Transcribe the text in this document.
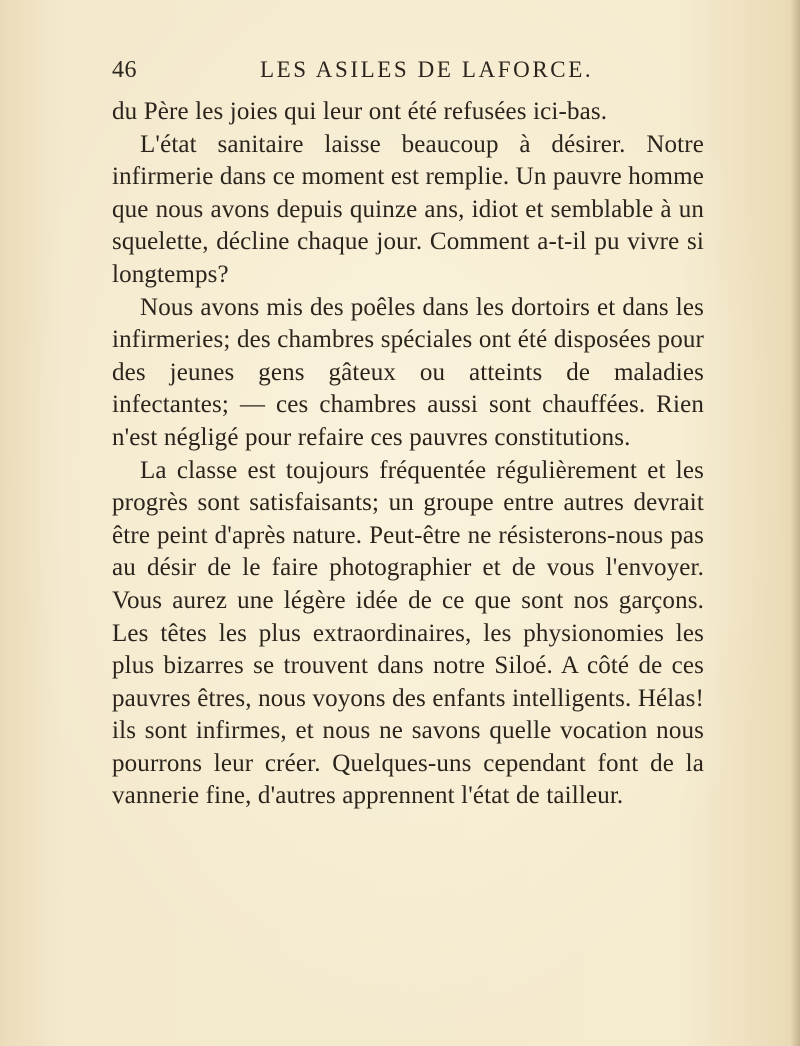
46	LES ASILES DE LAFORCE.

du Père les joies qui leur ont été refusées ici-bas.

L'état sanitaire laisse beaucoup à désirer. Notre infirmerie dans ce moment est remplie. Un pauvre homme que nous avons depuis quinze ans, idiot et semblable à un squelette, décline chaque jour. Comment a-t-il pu vivre si longtemps?

Nous avons mis des poêles dans les dortoirs et dans les infirmeries; des chambres spéciales ont été disposées pour des jeunes gens gâteux ou atteints de maladies infectantes; — ces chambres aussi sont chauffées. Rien n'est négligé pour refaire ces pauvres constitutions.

La classe est toujours fréquentée régulièrement et les progrès sont satisfaisants; un groupe entre autres devrait être peint d'après nature. Peut-être ne résisterons-nous pas au désir de le faire photographier et de vous l'envoyer. Vous aurez une légère idée de ce que sont nos garçons. Les têtes les plus extraordinaires, les physionomies les plus bizarres se trouvent dans notre Siloé. A côté de ces pauvres êtres, nous voyons des enfants intelligents. Hélas! ils sont infirmes, et nous ne savons quelle vocation nous pourrons leur créer. Quelques-uns cependant font de la vannerie fine, d'autres apprennent l'état de tailleur.
